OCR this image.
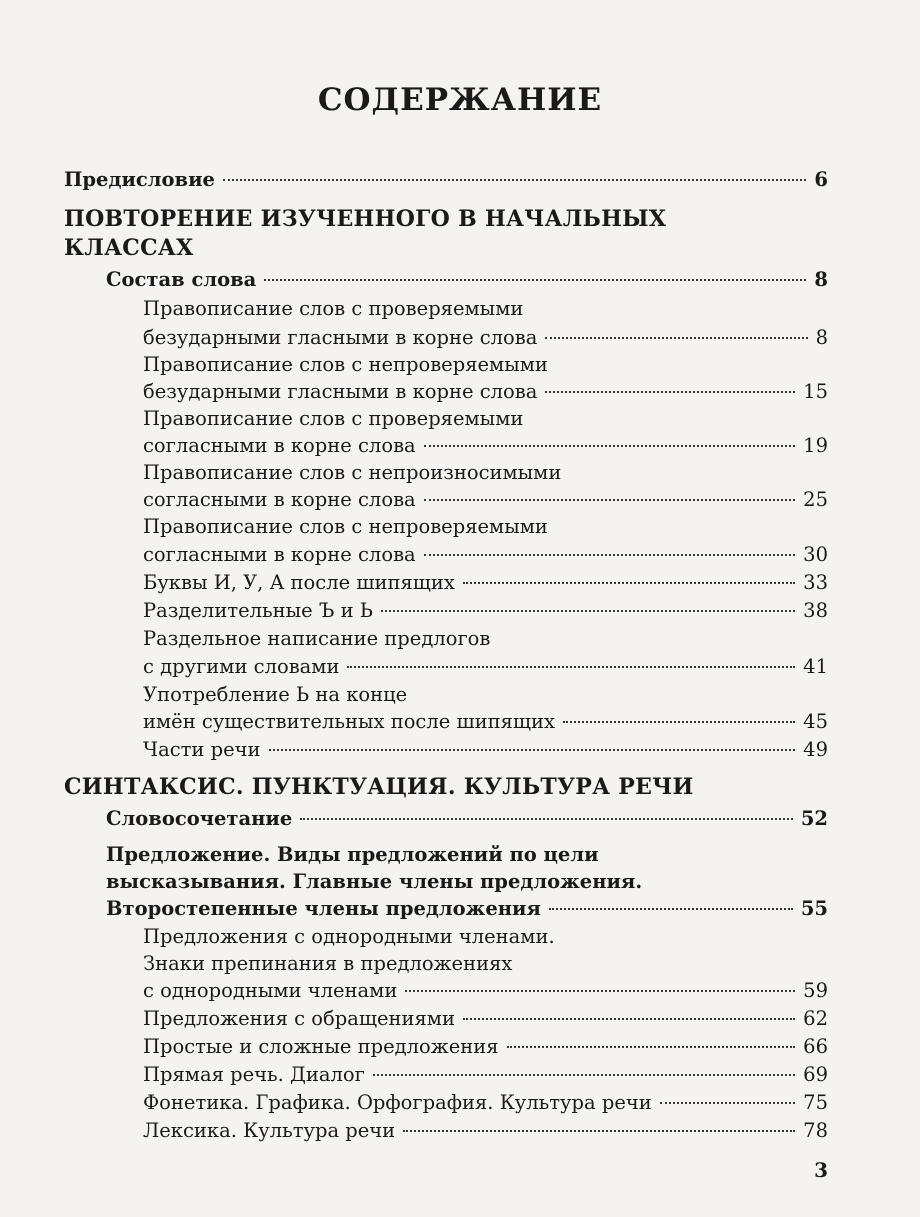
СОДЕРЖАНИЕ
Предисловие	6
ПОВТОРЕНИЕ ИЗУЧЕННОГО В НАЧАЛЬНЫХ
КЛАССАХ
Состав слова	8
Правописание слов с проверяемыми
безударными гласными в корне слова	8
Правописание слов с непроверяемыми
безударными гласными в корне слова	15
Правописание слов с проверяемыми
согласными в корне слова	19
Правописание слов с непроизносимыми
согласными в корне слова	25
Правописание слов с непроверяемыми
согласными в корне слова	30
Буквы И, У, А после шипящих	33
Разделительные Ъ и Ь	38
Раздельное написание предлогов
с другими словами	41
Употребление Ь на конце
имён существительных после шипящих	45
Части речи	49
СИНТАКСИС. ПУНКТУАЦИЯ. КУЛЬТУРА РЕЧИ
Словосочетание	52
Предложение. Виды предложений по цели
высказывания. Главные члены предложения.
Второстепенные члены предложения	55
Предложения с однородными членами.
Знаки препинания в предложениях
с однородными членами	59
Предложения с обращениями	62
Простые и сложные предложения	66
Прямая речь. Диалог	69
Фонетика. Графика. Орфография. Культура речи	75
Лексика. Культура речи	78
3
